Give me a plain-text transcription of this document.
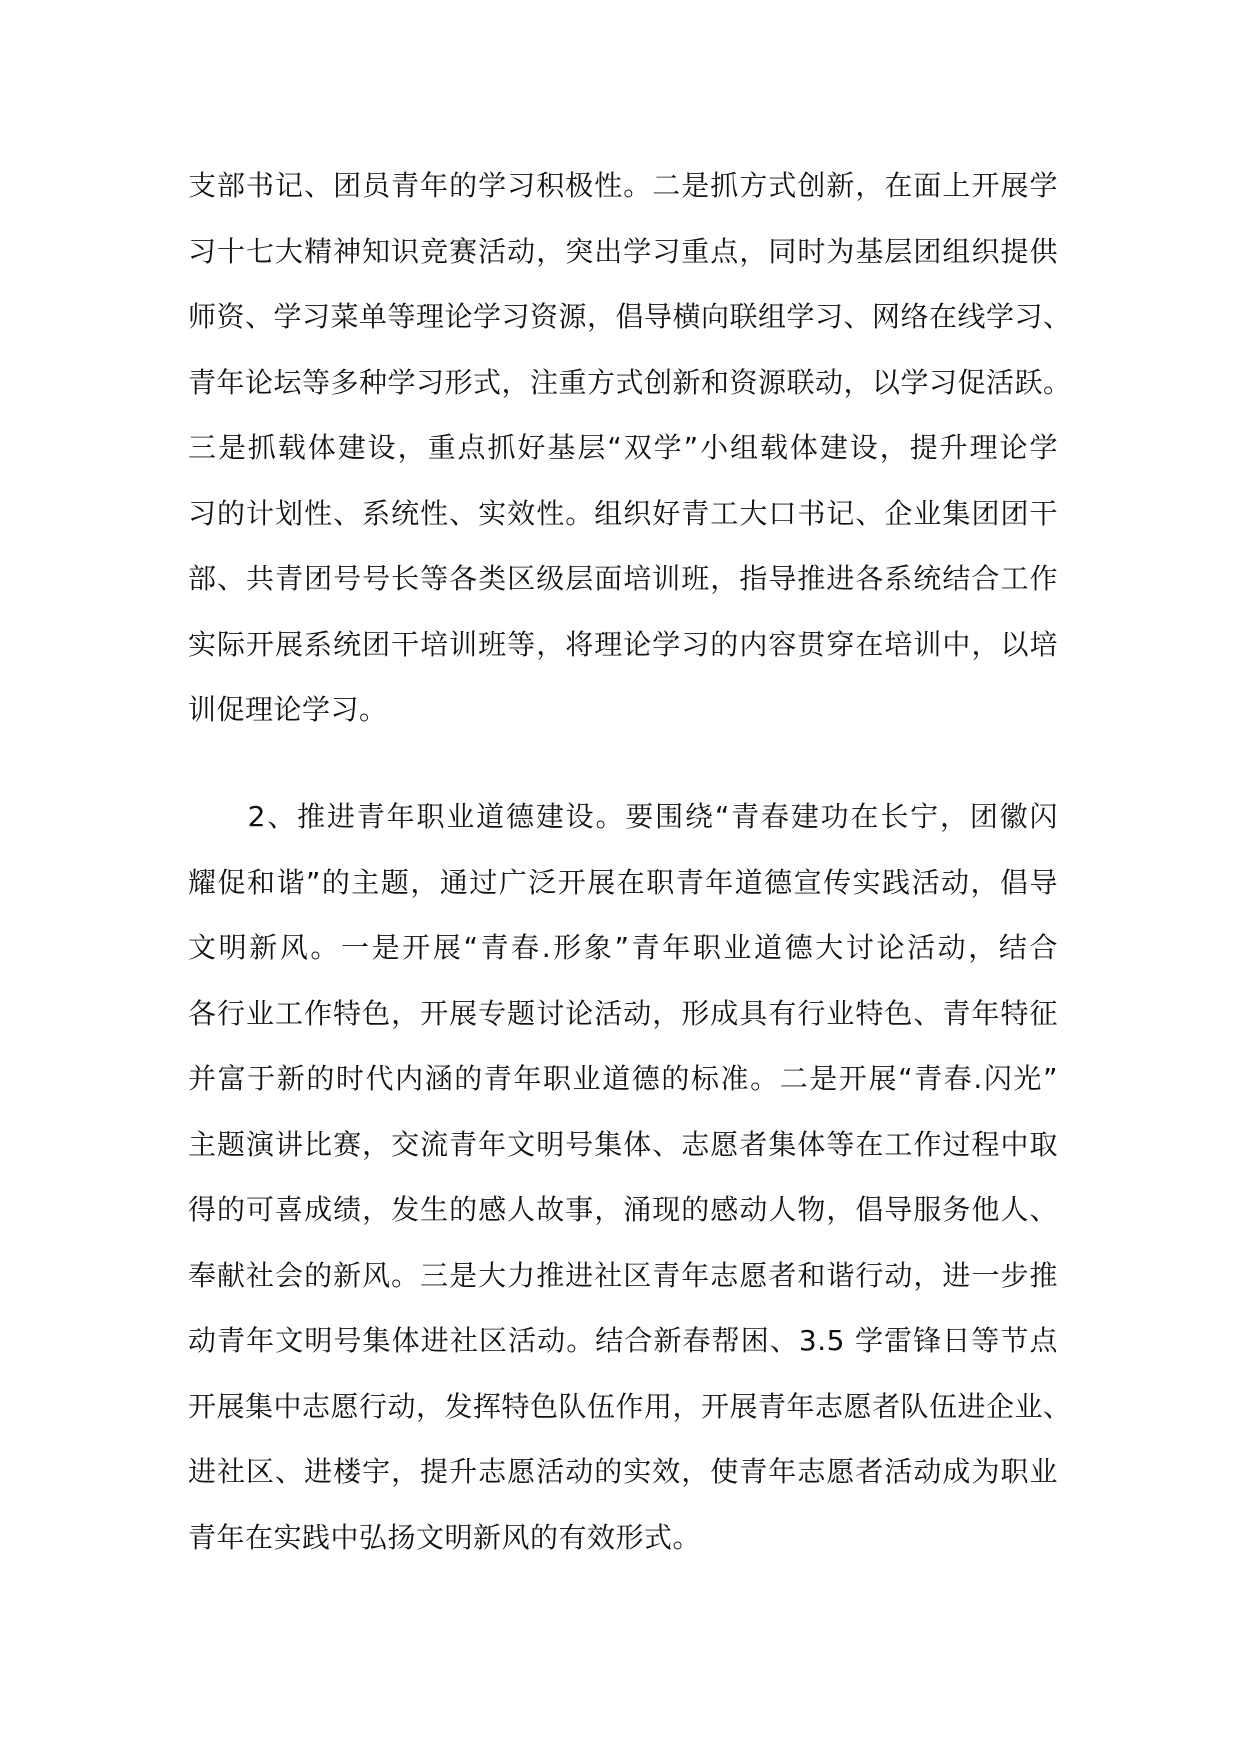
支部书记、团员青年的学习积极性。二是抓方式创新，在面上开展学
习十七大精神知识竞赛活动，突出学习重点，同时为基层团组织提供
师资、学习菜单等理论学习资源，倡导横向联组学习、网络在线学习、
青年论坛等多种学习形式，注重方式创新和资源联动，以学习促活跃。
三是抓载体建设，重点抓好基层“双学”小组载体建设，提升理论学
习的计划性、系统性、实效性。组织好青工大口书记、企业集团团干
部、共青团号号长等各类区级层面培训班，指导推进各系统结合工作
实际开展系统团干培训班等，将理论学习的内容贯穿在培训中，以培
训促理论学习。
　　2、推进青年职业道德建设。要围绕“青春建功在长宁，团徽闪
耀促和谐”的主题，通过广泛开展在职青年道德宣传实践活动，倡导
文明新风。一是开展“青春.形象”青年职业道德大讨论活动，结合
各行业工作特色，开展专题讨论活动，形成具有行业特色、青年特征
并富于新的时代内涵的青年职业道德的标准。二是开展“青春.闪光”
主题演讲比赛，交流青年文明号集体、志愿者集体等在工作过程中取
得的可喜成绩，发生的感人故事，涌现的感动人物，倡导服务他人、
奉献社会的新风。三是大力推进社区青年志愿者和谐行动，进一步推
动青年文明号集体进社区活动。结合新春帮困、3.5 学雷锋日等节点
开展集中志愿行动，发挥特色队伍作用，开展青年志愿者队伍进企业、
进社区、进楼宇，提升志愿活动的实效，使青年志愿者活动成为职业
青年在实践中弘扬文明新风的有效形式。
